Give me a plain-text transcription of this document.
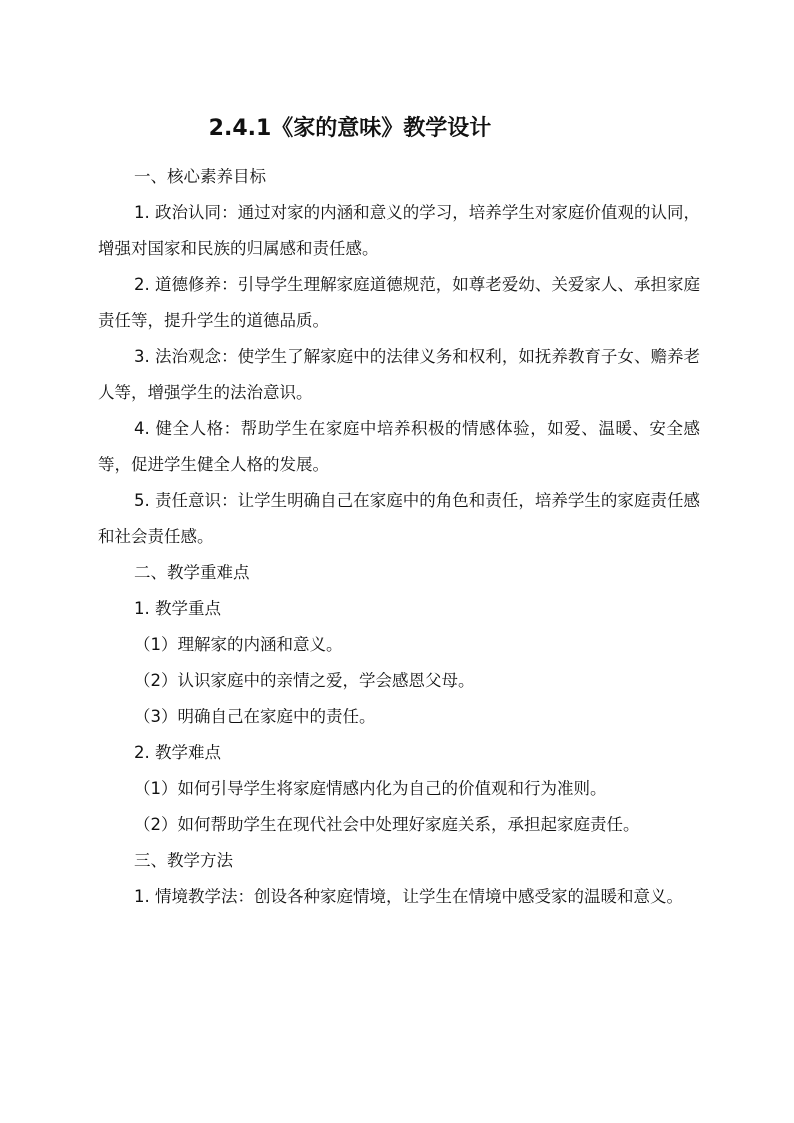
2.4.1《家的意味》教学设计

一、核心素养目标

1. 政治认同：通过对家的内涵和意义的学习，培养学生对家庭价值观的认同，增强对国家和民族的归属感和责任感。

2. 道德修养：引导学生理解家庭道德规范，如尊老爱幼、关爱家人、承担家庭责任等，提升学生的道德品质。

3. 法治观念：使学生了解家庭中的法律义务和权利，如抚养教育子女、赡养老人等，增强学生的法治意识。

4. 健全人格：帮助学生在家庭中培养积极的情感体验，如爱、温暖、安全感等，促进学生健全人格的发展。

5. 责任意识：让学生明确自己在家庭中的角色和责任，培养学生的家庭责任感和社会责任感。

二、教学重难点

1. 教学重点

（1）理解家的内涵和意义。

（2）认识家庭中的亲情之爱，学会感恩父母。

（3）明确自己在家庭中的责任。

2. 教学难点

（1）如何引导学生将家庭情感内化为自己的价值观和行为准则。

（2）如何帮助学生在现代社会中处理好家庭关系，承担起家庭责任。

三、教学方法

1. 情境教学法：创设各种家庭情境，让学生在情境中感受家的温暖和意义。
